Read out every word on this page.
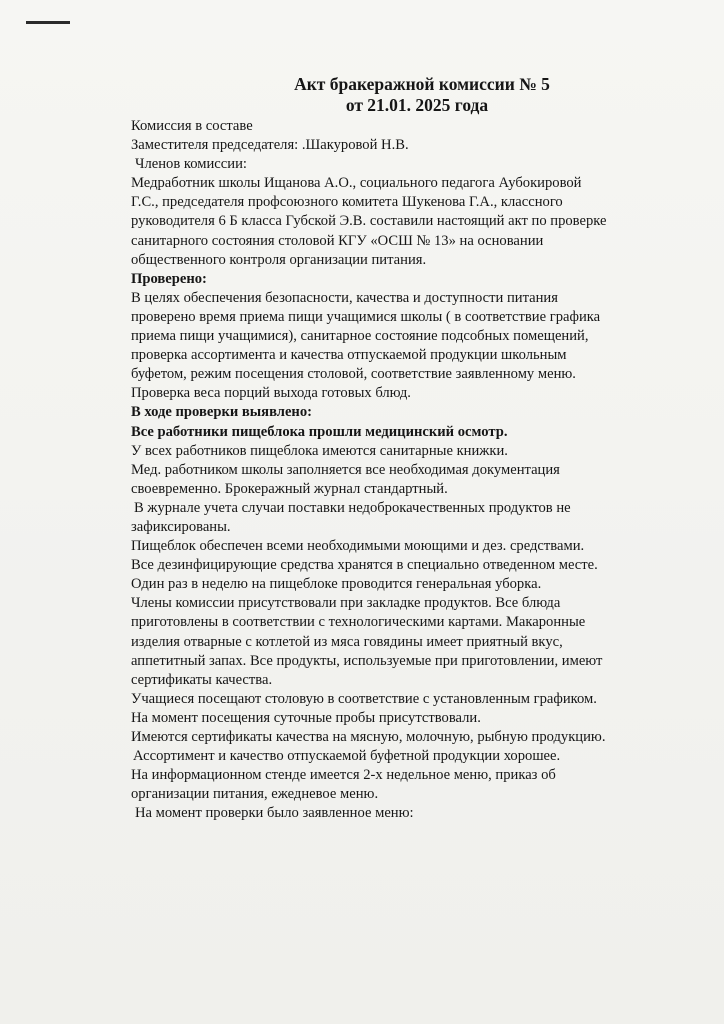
Акт бракеражной комиссии № 5
от 21.01. 2025 года
Комиссия в составе
Заместителя председателя: .Шакуровой Н.В.
Членов комиссии:
Медработник школы Ищанова А.О., социального педагога Аубокировой
Г.С., председателя профсоюзного комитета Шукенова Г.А., классного
руководителя 6 Б класса Губской Э.В. составили настоящий акт по проверке
санитарного состояния столовой КГУ «ОСШ № 13» на основании
общественного контроля организации питания.
Проверено:
В целях обеспечения безопасности, качества и доступности питания
проверено время приема пищи учащимися школы ( в соответствие графика
приема пищи учащимися), санитарное состояние подсобных помещений,
проверка ассортимента и качества отпускаемой продукции школьным
буфетом, режим посещения столовой, соответствие заявленному меню.
Проверка веса порций выхода готовых блюд.
В ходе проверки выявлено:
Все работники пищеблока прошли медицинский осмотр.
У всех работников пищеблока имеются санитарные книжки.
Мед. работником школы заполняется все необходимая документация
своевременно. Брокеражный журнал стандартный.
В журнале учета случаи поставки недоброкачественных продуктов не
зафиксированы.
Пищеблок обеспечен всеми необходимыми моющими и дез. средствами.
Все дезинфицирующие средства хранятся в специально отведенном месте.
Один раз в неделю на пищеблоке проводится генеральная уборка.
Члены комиссии присутствовали при закладке продуктов. Все блюда
приготовлены в соответствии с технологическими картами. Макаронные
изделия отварные с котлетой из мяса говядины имеет приятный вкус,
аппетитный запах. Все продукты, используемые при приготовлении, имеют
сертификаты качества.
Учащиеся посещают столовую в соответствие с установленным графиком.
На момент посещения суточные пробы присутствовали.
Имеются сертификаты качества на мясную, молочную, рыбную продукцию.
Ассортимент и качество отпускаемой буфетной продукции хорошее.
На информационном стенде имеется 2-х недельное меню, приказ об
организации питания, ежедневое меню.
На момент проверки было заявленное меню:
